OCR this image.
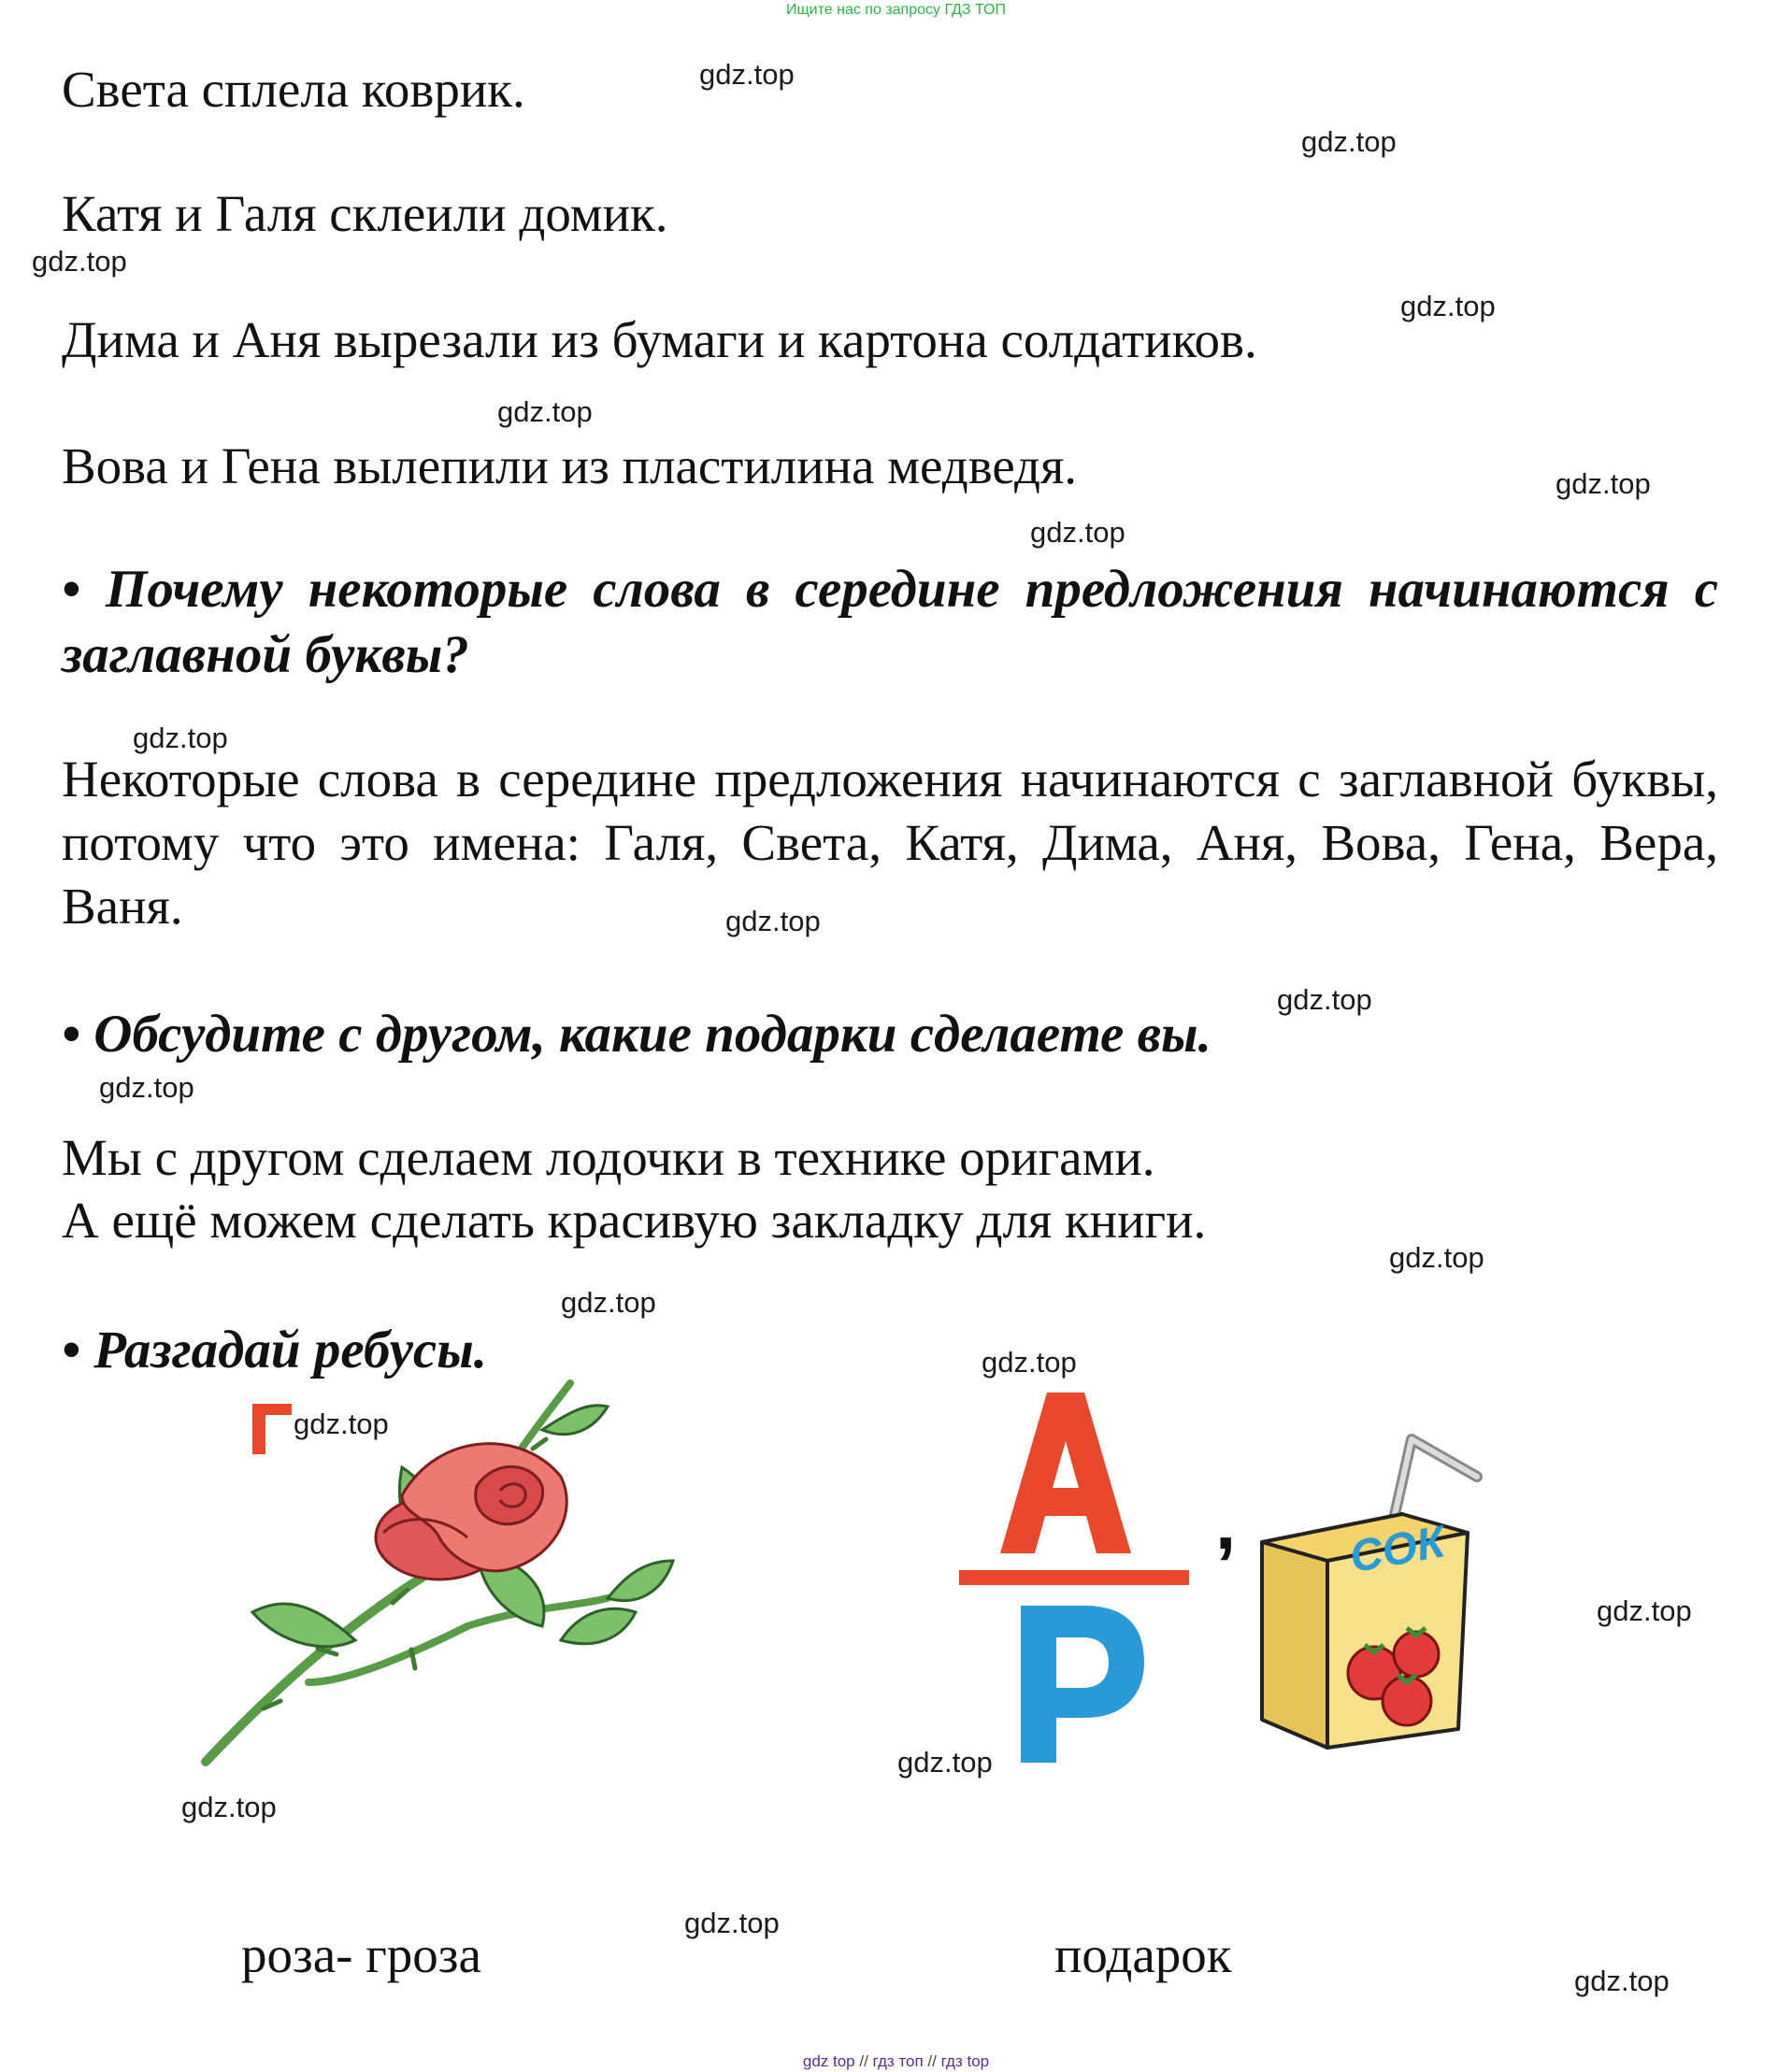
Ищите нас по запросу ГДЗ ТОП
Света сплела коврик.
Катя и Галя склеили домик.
Дима и Аня вырезали из бумаги и картона солдатиков.
Вова и Гена вылепили из пластилина медведя.
• Почему некоторые слова в середине предложения начинаются с заглавной буквы?
Некоторые слова в середине предложения начинаются с заглавной буквы, потому что это имена: Галя, Света, Катя, Дима, Аня, Вова, Гена, Вера, Ваня.
• Обсудите с другом, какие подарки сделаете вы.
Мы с другом сделаем лодочки в технике оригами.
А ещё можем сделать красивую закладку для книги.
• Разгадай ребусы.
, СОК
роза- гроза	подарок
gdz.top
gdz.top
gdz.top
gdz.top
gdz.top
gdz.top
gdz.top
gdz.top
gdz.top
gdz.top
gdz.top
gdz.top
gdz.top
gdz.top
gdz.top
gdz.top
gdz.top
gdz.top
gdz.top
gdz.top
gdz top // гдз топ // гдз top
